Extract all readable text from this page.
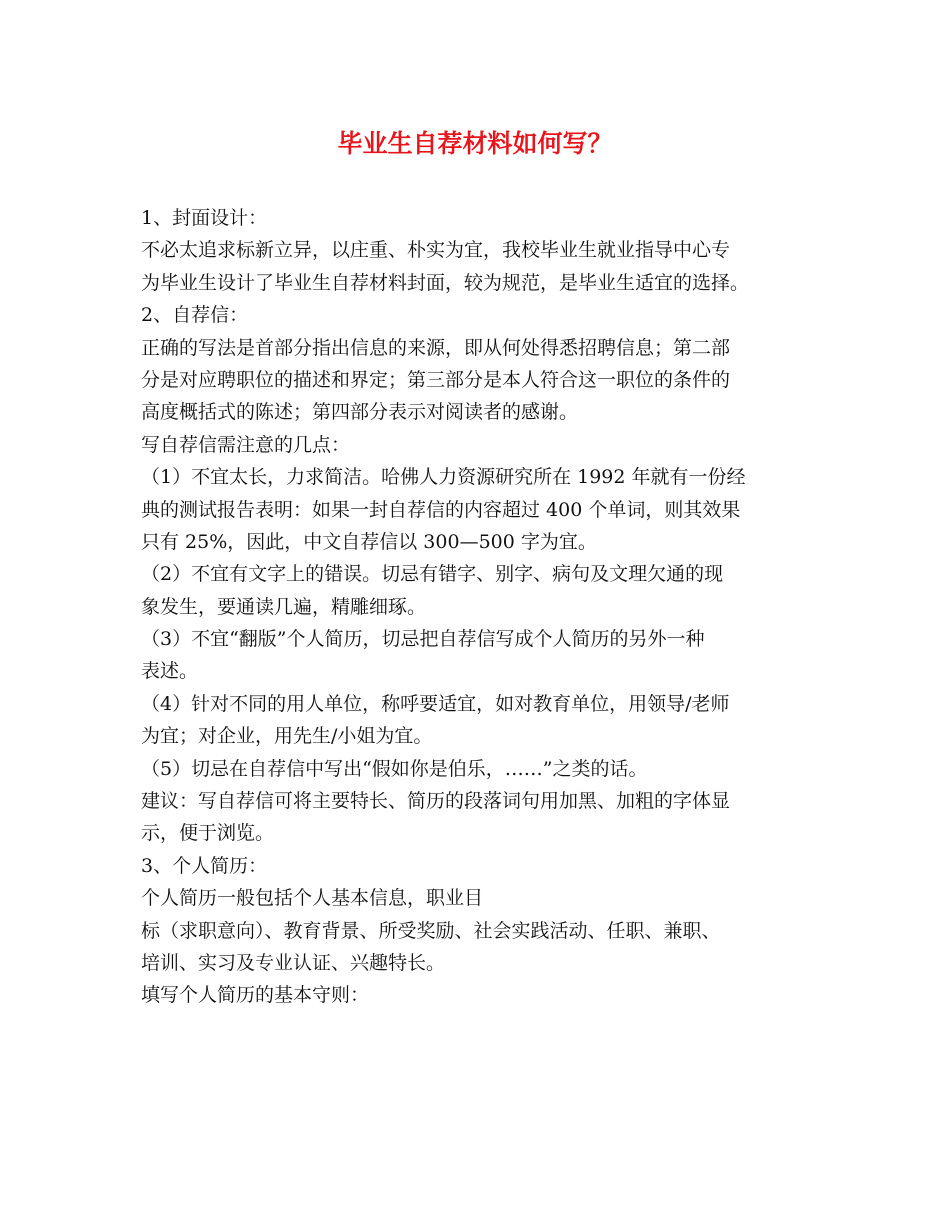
毕业生自荐材料如何写？
1、封面设计：
不必太追求标新立异，以庄重、朴实为宜，我校毕业生就业指导中心专
为毕业生设计了毕业生自荐材料封面，较为规范，是毕业生适宜的选择。
2、自荐信：
正确的写法是首部分指出信息的来源，即从何处得悉招聘信息；第二部
分是对应聘职位的描述和界定；第三部分是本人符合这一职位的条件的
高度概括式的陈述；第四部分表示对阅读者的感谢。
写自荐信需注意的几点：
（1）不宜太长，力求简洁。哈佛人力资源研究所在 1992 年就有一份经
典的测试报告表明：如果一封自荐信的内容超过 400 个单词，则其效果
只有 25%，因此，中文自荐信以 300—500 字为宜。
（2）不宜有文字上的错误。切忌有错字、别字、病句及文理欠通的现
象发生，要通读几遍，精雕细琢。
（3）不宜“翻版”个人简历，切忌把自荐信写成个人简历的另外一种
表述。
（4）针对不同的用人单位，称呼要适宜，如对教育单位，用领导/老师
为宜；对企业，用先生/小姐为宜。
（5）切忌在自荐信中写出“假如你是伯乐，……”之类的话。
建议：写自荐信可将主要特长、简历的段落词句用加黑、加粗的字体显
示，便于浏览。
3、个人简历：
个人简历一般包括个人基本信息，职业目
标（求职意向）、教育背景、所受奖励、社会实践活动、任职、兼职、
培训、实习及专业认证、兴趣特长。
填写个人简历的基本守则：
